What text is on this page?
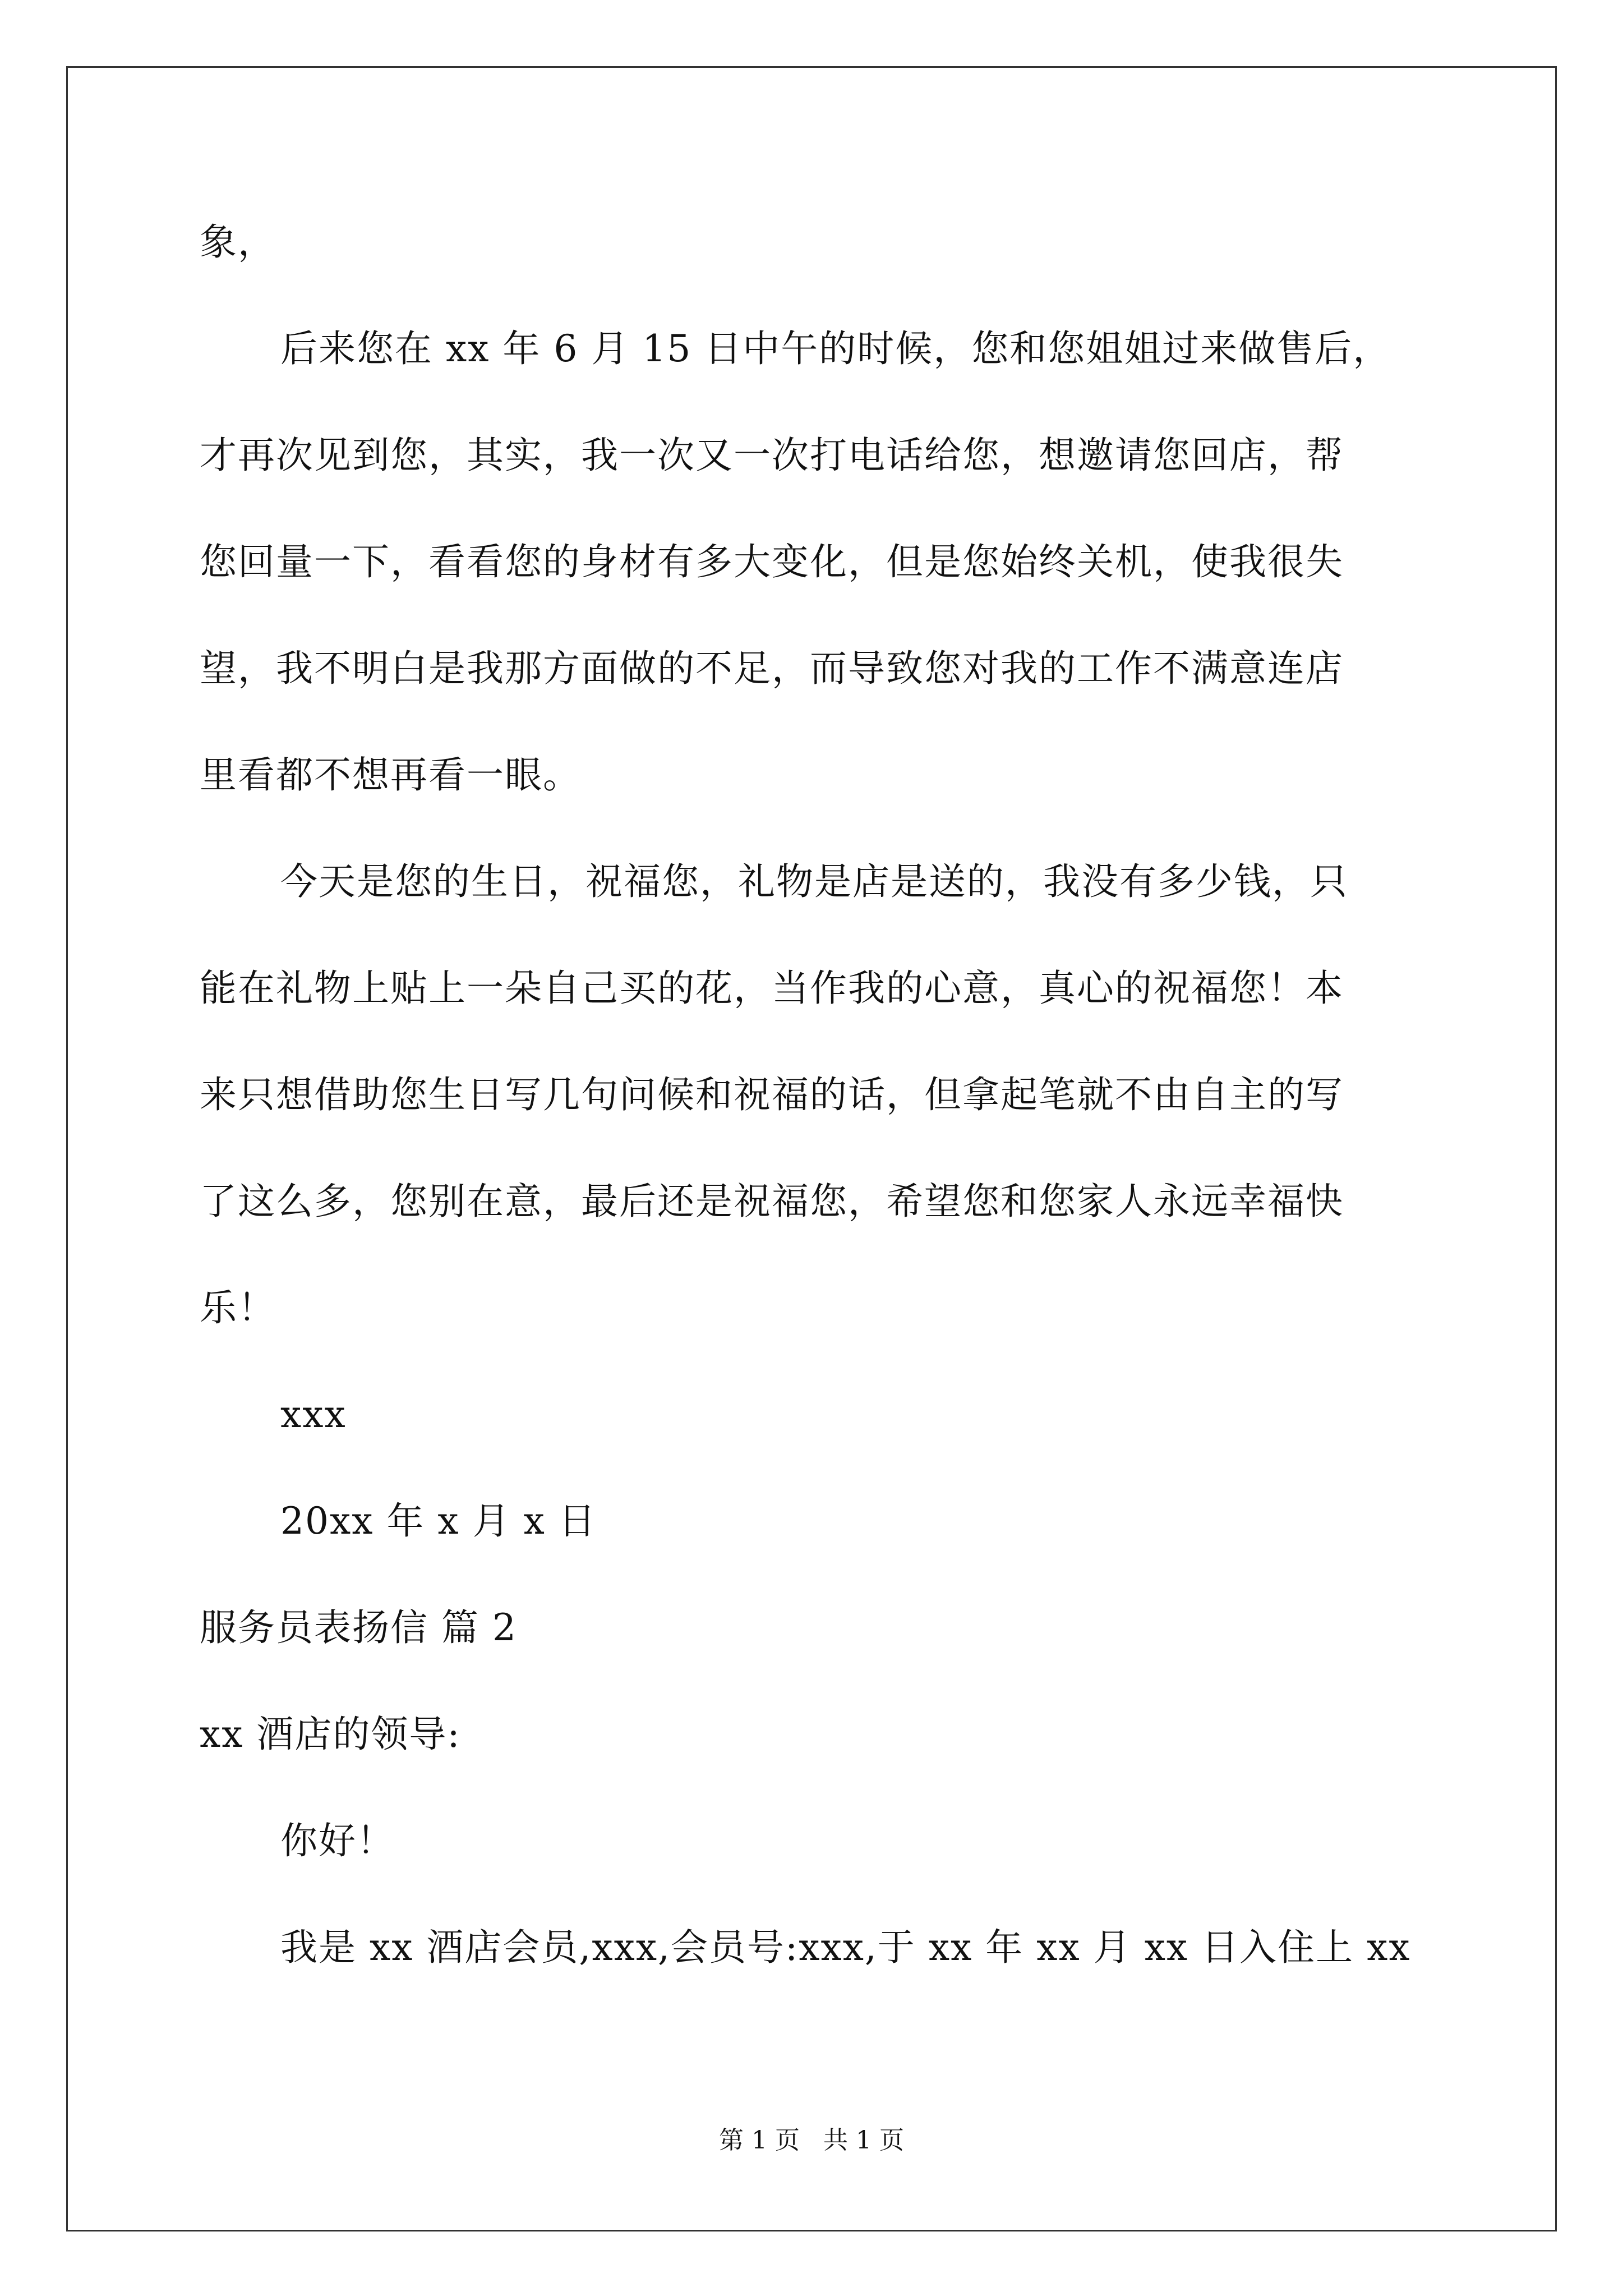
象，

后来您在 xx 年 6 月 15 日中午的时候，您和您姐姐过来做售后，

才再次见到您，其实，我一次又一次打电话给您，想邀请您回店，帮

您回量一下，看看您的身材有多大变化，但是您始终关机，使我很失

望，我不明白是我那方面做的不足，而导致您对我的工作不满意连店

里看都不想再看一眼。

今天是您的生日，祝福您，礼物是店是送的，我没有多少钱，只

能在礼物上贴上一朵自己买的花，当作我的心意，真心的祝福您！本

来只想借助您生日写几句问候和祝福的话，但拿起笔就不由自主的写

了这么多，您别在意，最后还是祝福您，希望您和您家人永远幸福快

乐！

xxx

20xx 年 x 月 x 日

服务员表扬信 篇 2

xx 酒店的领导:

你好！

我是 xx 酒店会员,xxx,会员号:xxx,于 xx 年 xx 月 xx 日入住上 xx

第 1 页   共 1 页
